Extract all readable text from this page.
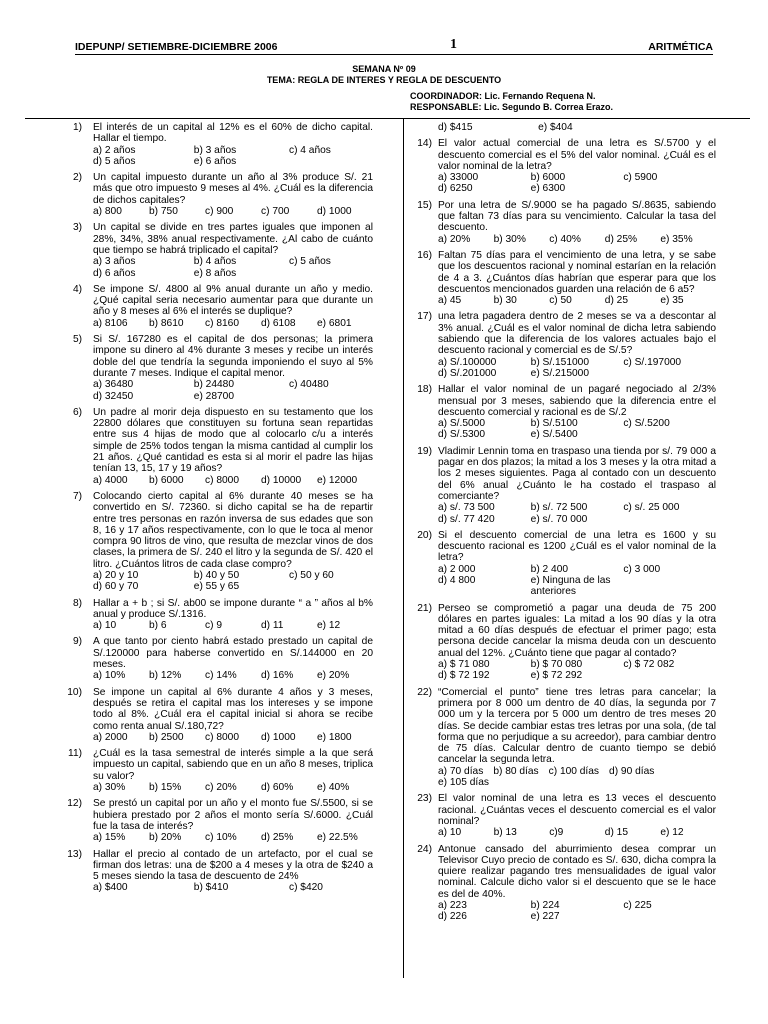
IDEPUNP/ SETIEMBRE-DICIEMBRE 2006	1	ARITMÉTICA
SEMANA Nº 09
TEMA: REGLA DE INTERES Y REGLA DE DESCUENTO
COORDINADOR: Lic. Fernando Requena N.
RESPONSABLE: Lic. Segundo B. Correa Erazo.
1) El interés de un capital al 12% es el 60% de dicho capital. Hallar el tiempo.
a) 2 años	b) 3 años	c) 4 años
d) 5 años	e) 6 años
2) Un capital impuesto durante un año al 3% produce S/. 21 más que otro impuesto 9 meses al 4%. ¿Cuál es la diferencia de dichos capitales?
a) 800	b) 750	c) 900	c) 700	d) 1000
3) Un capital se divide en tres partes iguales que imponen al 28%, 34%, 38% anual respectivamente. ¿Al cabo de cuánto que tiempo se habrá triplicado el capital?
a) 3 años	b) 4 años	c) 5 años
d) 6 años	e) 8 años
4) Se impone S/. 4800 al 9% anual durante un año y medio. ¿Qué capital seria necesario aumentar para que durante un año y 8 meses al 6% el interés se duplique?
a) 8106	b) 8610	c) 8160	d) 6108	e) 6801
5) Si S/. 167280 es el capital de dos personas; la primera impone su dinero al 4% durante 3 meses y recibe un interés doble del que tendría la segunda imponiendo el suyo al 5% durante 7 meses. Indique el capital menor.
a) 36480	b) 24480	c) 40480
d) 32450	e) 28700
6) Un padre al morir deja dispuesto en su testamento que los 22800 dólares que constituyen su fortuna sean repartidas entre sus 4 hijas de modo que al colocarlo c/u a interés simple de 25% todos tengan la misma cantidad al cumplir los 21 años. ¿Qué cantidad es esta si al morir el padre las hijas tenían 13, 15, 17 y 19 años?
a) 4000	b) 6000	c) 8000	d) 10000	e) 12000
7) Colocando cierto capital al 6% durante 40 meses se ha convertido en S/. 72360. si dicho capital se ha de repartir entre tres personas en razón inversa de sus edades que son 8, 16 y 17 años respectivamente, con lo que le toca al menor compra 90 litros de vino, que resulta de mezclar vinos de dos clases, la primera de S/. 240 el litro y la segunda de S/. 420 el litro. ¿Cuántos litros de cada clase compro?
a) 20 y 10	b) 40 y 50	c) 50 y 60
d) 60 y 70	e) 55 y 65
8) Hallar a + b ; si S/. ab00 se impone durante “ a ” años al b% anual y produce S/.1316.
a) 10	b) 6	c) 9	d) 11	e) 12
9) A que tanto por ciento habrá estado prestado un capital de S/.120000 para haberse convertido en S/.144000 en 20 meses.
a) 10%	b) 12%	c) 14%	d) 16%	e) 20%
10) Se impone un capital al 6% durante 4 años y 3 meses, después se retira el capital mas los intereses y se impone todo al 8%. ¿Cuál era el capital inicial si ahora se recibe como renta anual S/.180,72?
a) 2000	b) 2500	c) 8000	d) 1000	e) 1800
11) ¿Cuál es la tasa semestral de interés simple a la que será impuesto un capital, sabiendo que en un año 8 meses, triplica su valor?
a) 30%	b) 15%	c) 20%	d) 60%	e) 40%
12) Se prestó un capital por un año y el monto fue S/.5500, si se hubiera prestado por 2 años el monto sería S/.6000. ¿Cuál fue la tasa de interés?
a) 15%	b) 20%	c) 10%	d) 25%	e) 22.5%
13) Hallar el precio al contado de un artefacto, por el cual se firman dos letras: una de $200 a 4 meses y la otra de $240 a 5 meses siendo la tasa de descuento de 24%
a) $400	b) $410	c) $420
d) $415	e) $404
14) El valor actual comercial de una letra es S/.5700 y el descuento comercial es el 5% del valor nominal. ¿Cuál es el valor nominal de la letra?
a) 33000	b) 6000	c) 5900
d) 6250	e) 6300
15) Por una letra de S/.9000 se ha pagado S/.8635, sabiendo que faltan 73 días para su vencimiento. Calcular la tasa del descuento.
a) 20%	b) 30%	c) 40%	d) 25%	e) 35%
16) Faltan 75 días para el vencimiento de una letra, y se sabe que los descuentos racional y nominal estarían en la relación de 4 a 3. ¿Cuántos días habrían que esperar para que los descuentos mencionados guarden una relación de 6 a5?
a) 45	b) 30	c) 50	d) 25	e) 35
17) una letra pagadera dentro de 2 meses se va a descontar al 3% anual. ¿Cuál es el valor nominal de dicha letra sabiendo sabiendo que la diferencia de los valores actuales bajo el descuento racional y comercial es de S/.5?
a) S/.100000	b) S/.151000	c) S/.197000
d) S/.201000	e) S/.215000
18) Hallar el valor nominal de un pagaré negociado al 2/3% mensual por 3 meses, sabiendo que la diferencia entre el descuento comercial y racional es de S/.2
a) S/.5000	b) S/.5100	c) S/.5200
d) S/.5300	e) S/.5400
19) Vladimir Lennin toma en traspaso una tienda por s/. 79 000 a pagar en dos plazos; la mitad a los 3 meses y la otra mitad a los 2 meses siguientes. Paga al contado con un descuento del 6% anual ¿Cuánto le ha costado el traspaso al comerciante?
a) s/. 73 500	b) s/. 72 500	c) s/. 25 000
d) s/. 77 420	e) s/. 70 000
20) Si el descuento comercial de una letra es 1600 y su descuento racional es 1200 ¿Cuál es el valor nominal de la letra?
a) 2 000	b) 2 400	c) 3 000
d) 4 800	e) Ninguna de las anteriores
21) Perseo se comprometió a pagar una deuda de 75 200 dólares en partes iguales: La mitad a los 90 días y la otra mitad a 60 días después de efectuar el primer pago; esta persona decide cancelar la misma deuda con un descuento anual del 12%. ¿Cuánto tiene que pagar al contado?
a) $ 71 080	b) $ 70 080	c) $ 72 082
d) $ 72 192	e) $ 72 292
22) “Comercial el punto” tiene tres letras para cancelar; la primera por 8 000 um dentro de 40 días, la segunda por 7 000 um y la tercera por 5 000 um dentro de tres meses 20 días. Se decide cambiar estas tres letras por una sola, (de tal forma que no perjudique a su acreedor), para cambiar dentro de 75 días. Calcular dentro de cuanto tiempo se debió cancelar la segunda letra.
a) 70 días b) 80 días c) 100 días d) 90 días
e) 105 días
23) El valor nominal de una letra es 13 veces el descuento racional. ¿Cuántas veces el descuento comercial es el valor nominal?
a) 10	b) 13	c)9	d) 15	e) 12
24) Antonue cansado del aburrimiento desea comprar un Televisor Cuyo precio de contado es S/. 630, dicha compra la quiere realizar pagando tres mensualidades de igual valor nominal. Calcule dicho valor si el descuento que se le hace es del de 40%.
a) 223	b) 224	c) 225
d) 226	e) 227
